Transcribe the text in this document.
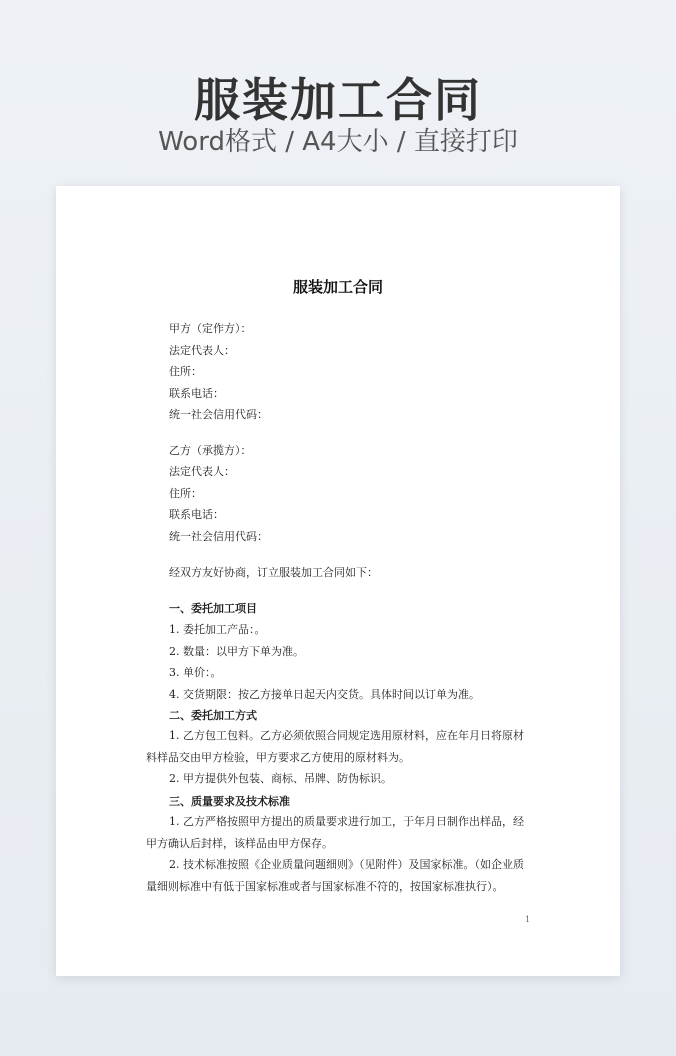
服装加工合同
Word格式 / A4大小 / 直接打印
服装加工合同
甲方（定作方）：
法定代表人：
住所：
联系电话：
统一社会信用代码：
乙方（承揽方）：
法定代表人：
住所：
联系电话：
统一社会信用代码：
经双方友好协商，订立服装加工合同如下：
一、委托加工项目
1. 委托加工产品：。
2. 数量：以甲方下单为准。
3. 单价：。
4. 交货期限：按乙方接单日起天内交货。具体时间以订单为准。
二、委托加工方式
1. 乙方包工包料。乙方必须依照合同规定选用原材料，应在年月日将原材料样品交由甲方检验，甲方要求乙方使用的原材料为。
2. 甲方提供外包装、商标、吊牌、防伪标识。
三、质量要求及技术标准
1. 乙方严格按照甲方提出的质量要求进行加工，于年月日制作出样品，经甲方确认后封样，该样品由甲方保存。
2. 技术标准按照《企业质量问题细则》（见附件）及国家标准。（如企业质量细则标准中有低于国家标准或者与国家标准不符的，按国家标准执行）。
1
